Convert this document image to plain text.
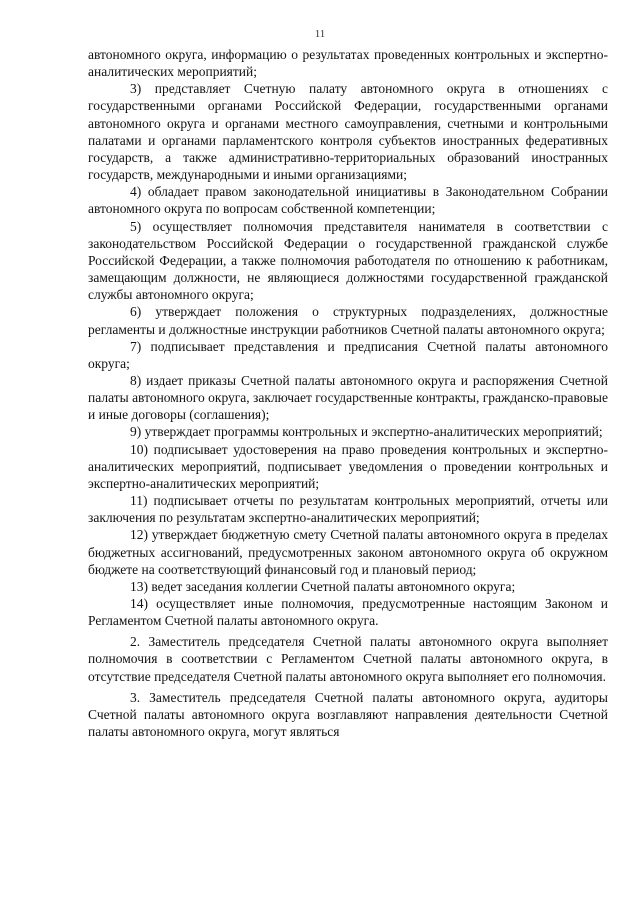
11

автономного округа, информацию о результатах проведенных контрольных и экспертно-аналитических мероприятий;

3) представляет Счетную палату автономного округа в отношениях с государственными органами Российской Федерации, государственными органами автономного округа и органами местного самоуправления, счетными и контрольными палатами и органами парламентского контроля субъектов иностранных федеративных государств, а также административно-территориальных образований иностранных государств, международными и иными организациями;

4) обладает правом законодательной инициативы в Законодательном Собрании автономного округа по вопросам собственной компетенции;

5) осуществляет полномочия представителя нанимателя в соответствии с законодательством Российской Федерации о государственной гражданской службе Российской Федерации, а также полномочия работодателя по отношению к работникам, замещающим должности, не являющиеся должностями государственной гражданской службы автономного округа;

6) утверждает положения о структурных подразделениях, должностные регламенты и должностные инструкции работников Счетной палаты автономного округа;

7) подписывает представления и предписания Счетной палаты автономного округа;

8) издает приказы Счетной палаты автономного округа и распоряжения Счетной палаты автономного округа, заключает государственные контракты, гражданско-правовые и иные договоры (соглашения);

9) утверждает программы контрольных и экспертно-аналитических мероприятий;

10) подписывает удостоверения на право проведения контрольных и экспертно-аналитических мероприятий, подписывает уведомления о проведении контрольных и экспертно-аналитических мероприятий;

11) подписывает отчеты по результатам контрольных мероприятий, отчеты или заключения по результатам экспертно-аналитических мероприятий;

12) утверждает бюджетную смету Счетной палаты автономного округа в пределах бюджетных ассигнований, предусмотренных законом автономного округа об окружном бюджете на соответствующий финансовый год и плановый период;

13) ведет заседания коллегии Счетной палаты автономного округа;

14) осуществляет иные полномочия, предусмотренные настоящим Законом и Регламентом Счетной палаты автономного округа.

2. Заместитель председателя Счетной палаты автономного округа выполняет полномочия в соответствии с Регламентом Счетной палаты автономного округа, в отсутствие председателя Счетной палаты автономного округа выполняет его полномочия.

3. Заместитель председателя Счетной палаты автономного округа, аудиторы Счетной палаты автономного округа возглавляют направления деятельности Счетной палаты автономного округа, могут являться
